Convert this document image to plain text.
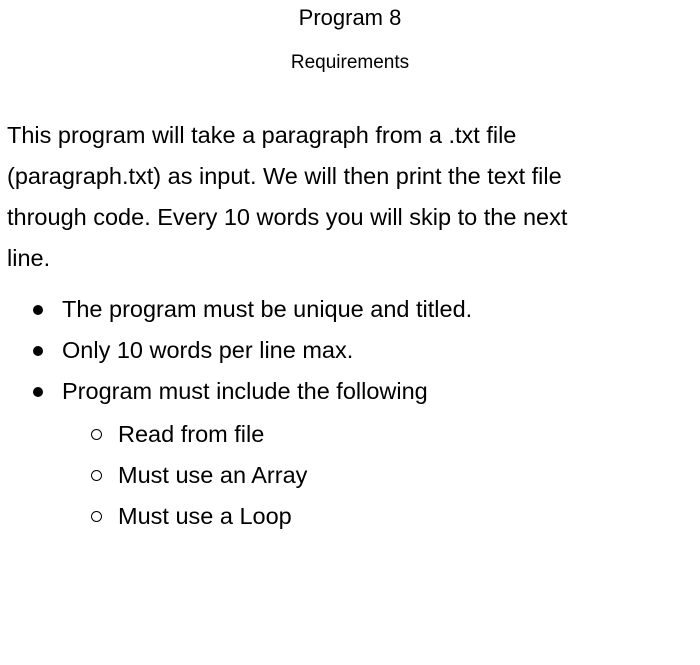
Program 8
Requirements

This program will take a paragraph from a .txt file
(paragraph.txt) as input. We will then print the text file
through code. Every 10 words you will skip to the next
line.

The program must be unique and titled.
Only 10 words per line max.
Program must include the following
Read from file
Must use an Array
Must use a Loop
